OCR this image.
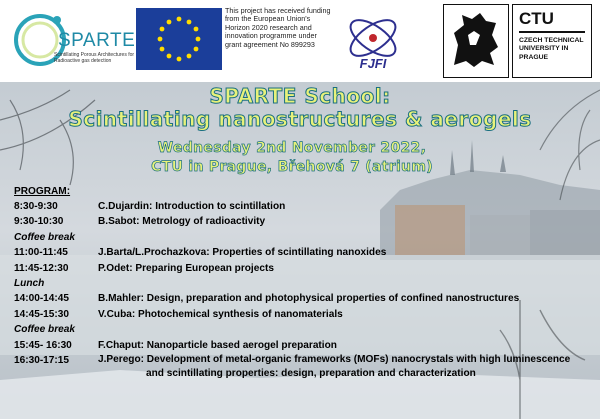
SPARTE
Scintillating Porous Architectures for Radioactive gas detection
This project has received funding from the European Union's Horizon 2020 research and innovation programme under grant agreement No 899293
FJFI
CTU
CZECH TECHNICAL UNIVERSITY IN PRAGUE
SPARTE School:
Scintillating nanostructures & aerogels
Wednesday 2nd November 2022,
CTU in Prague, Břehová 7 (atrium)
PROGRAM:
8:30-9:30	C.Dujardin: Introduction to scintillation
9:30-10:30	B.Sabot: Metrology of radioactivity
Coffee break
11:00-11:45	J.Barta/L.Prochazkova: Properties of scintillating nanoxides
11:45-12:30	P.Odet: Preparing European projects
Lunch
14:00-14:45	B.Mahler: Design, preparation and photophysical properties of confined nanostructures
14:45-15:30	V.Cuba: Photochemical synthesis of nanomaterials
Coffee break
15:45- 16:30	F.Chaput: Nanoparticle based aerogel preparation
16:30-17:15	J.Perego: Development of metal-organic frameworks (MOFs) nanocrystals with high luminescence
and scintillating properties: design, preparation and characterization
